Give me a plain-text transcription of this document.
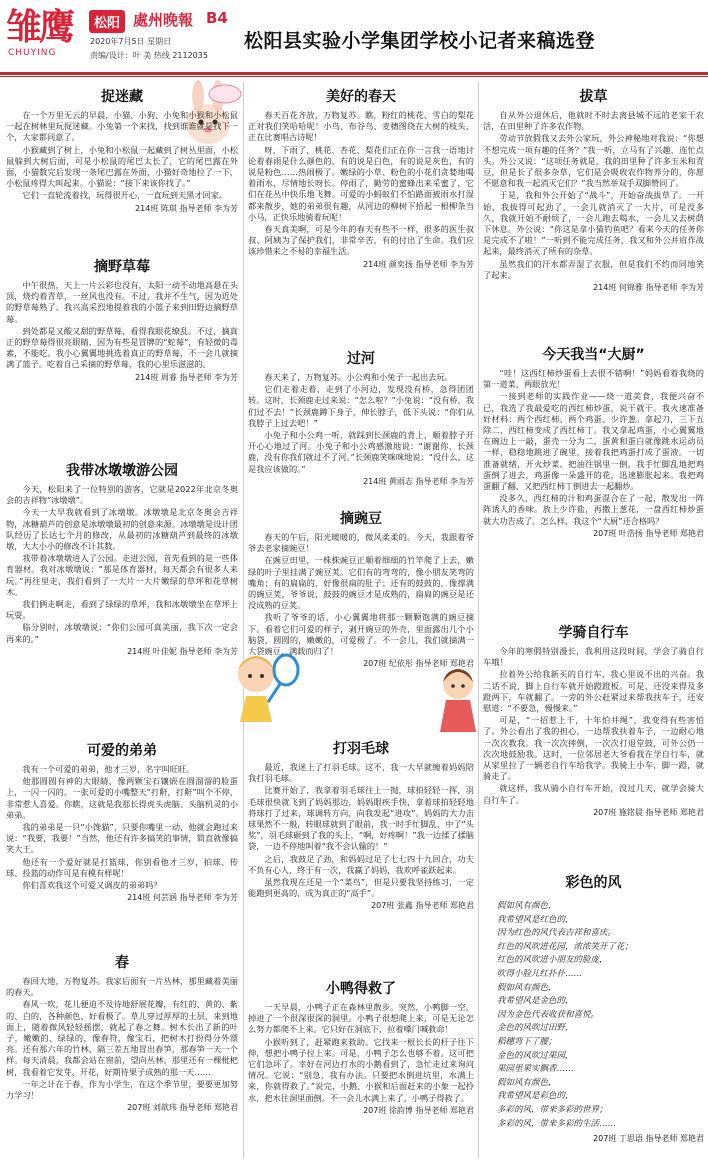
雏鹰
CHUYING
松阳 處州晚報 B4
2020年7月5日 星期日
责编/设计：叶 美 热线 2112035
松阳县实验小学集团学校小记者来稿选登
捉迷藏

在一个万里无云的早晨，小猫、小狗、小兔和小猴和小松鼠一起在树林里玩捉迷藏。小兔第一个来找，找到谁谁就是找下一个，大家都同意了。

小猴藏到了树上，小兔和小松鼠一起藏到了树丛里面，小松鼠躲到大树后面，可是小松鼠的尾巴太长了，它的尾巴露在外面，小猫数完后发现一条尾巴露在外面，小猫好奇地拉了一下，小松鼠疼得大叫起来。小猫说：“接下来该你找了。”

它们一直轮流着找，玩得很开心，一直玩到天黑才回家。

214班 陈琪 指导老师 李为芳
摘野草莓

中午很热，天上一片云彩也没有，太阳一动不动地高悬在头顶，烧灼着青草，一丝风也没有。不过，我并不生气，因为近处的野草莓熟了。我兴高采烈地提着我的小篮子来到田野边摘野草莓。

到处都是又酸又甜的野草莓，看得我眼花缭乱。不过，摘真正的野草莓得很亮眼睛，因为有些是冒牌的“蛇莓”，有轻微的毒素，不能吃。我小心翼翼地挑选着真正的野草莓，不一会儿就摘满了篮子。吃着自己采摘的野草莓，我的心里乐滋滋的。

214班 周睿 指导老师 李为芳
我带冰墩墩游公园

今天，松阳来了一位特别的游客，它就是2022年北京冬奥会的吉祥物“冰墩墩”。

今天一大早我就看到了冰墩墩。冰墩墩是北京冬奥会吉祥物，冰糖葫芦的创意是冰墩墩最初的创意来源。冰墩墩是设计团队经历了长达七个月的修改，从最初的冰糖葫芦到最终的冰墩墩，大大小小的修改不计其数。

我带着冰墩墩进入了公园。走进公园，首先看到的是一些体育器材。我对冰墩墩说：“那是体育器材，每天都会有很多人来玩。”再往里走，我们看到了一大片一大片嫩绿的草坪和花草树木。

我们俩走啊走，看到了绿绿的草坪，我和冰墩墩坐在草坪上玩耍。

临分别时，冰墩墩说：“你们公园可真美丽，我下次一定会再来的。”

214班 叶佳妮 指导老师 李为芳
可爱的弟弟

我有一个可爱的弟弟，他才三岁，名字叫旺旺。

他那圆圆有神的大眼睛，像两颗宝石镶嵌在圆溜溜的脸蛋上，一闪一闪的。一张可爱的小嘴整天“打鼾，打鼾”叫个不停，非常惹人喜爱。你瞧，这就是我那长得虎头虎脑、头脑机灵的小弟弟。

我的弟弟是一只“小馋猫”，只要你嘴里一动，他就会跑过来说：“我要，我要！”当然，他还有许多搞笑的事情，简直就像搞笑大王。

他还有一个爱好就是打篮球，你别看他才三岁，拍球、传球、投篮的动作可是有模有样呢！

你们喜欢我这个可爱又调皮的弟弟吗？

214班 何芸涵 指导老师 李为芳
春

春回大地，万物复苏。我家后面有一片丛林，那里藏着美丽的春天。

春风一吹，花儿便迫不及待地舒展花瓣，有红的、黄的、紫的、白的，各种颜色，好看极了。草儿穿过厚厚的土层，来到地面上，随着微风轻轻摇摆，就起了春之舞。树木长出了新的叶子，嫩嫩的、绿绿的，像春符，像宝石，把树木打扮得分外漂亮。还有那六年的竹林，隔三差五地冒出春笋，那春笋一天一个样。每天清晨，我都会站在窗前，望向丛林。那里还有一棵枇杷树，我看着它发芽、开花，好期待果子成熟的那一天……

一年之计在于春，作为小学生，在这个季节里，要要更加努力学习！

207班 刘歆玮 指导老师 郑艳君
美好的春天

春天百花齐放，万物复苏。瞧，粉红的桃花、雪白的梨花正对我们笑哈哈呢！小鸟、布谷鸟、麦穗图绕在大树的枝头，正在比赛唱古诗呢！

呀，下雨了，桃花、杏花、梨花们正在你一言我一语地讨论着春雨是什么颜色的，有的说是白色，有的说是灰色，有的说是粉色……热闹极了。嫩绿的小草、粉色的小花们贪婪地喝着雨水，尽情地长呀长。停雨了，勤劳的蜜蜂出来采蜜了，它们在花丛中快乐地飞舞。可爱的小蚂蚁们不怕路面被雨水打湿都来散步，她的弟弟很有趣，从河边的柳树下拾起一根柳条当小马，正快乐地骑着玩呢！

春天真美啊，可是今年的春天有些不一样，很多的医生叔叔、阿姨为了保护我们，非常辛苦，有的付出了生命。我们应该珍惜来之不易的幸福生活。

214班 颜奕扬 指导老师 李为芳
过河

春天来了，万物复苏。小公鸡和小兔子一起出去玩。

它们走着走着，走到了小河边，发现没有桥，急得团团转。这时，长颈鹿走过来说：“怎么啦？”小兔说：“没有桥，我们过不去！”长颈鹿蹲下身子，伸长脖子，低下头说：“你们从我脖子上过去吧！”

小兔子和小公鸡一听，就踩到长颈鹿的背上，顺着脖子开开心心地过了河。小兔子和小公鸡感激地说：“谢谢你，长颈鹿，没有你我们就过不了河。”长颈鹿笑咪咪地说：“没什么，这是我应该做的。”

214班 黄雨志 指导老师 李为芳
摘豌豆

春天的午后，阳光暖暖的，微风柔柔的。今天，我跟着爷爷去老家摘豌豆！

在豌豆田里，一株株豌豆正顺着细细的竹竿爬了上去，嫩绿的叶子里挂满了豌豆荚。它们有的弯弯的，像小朋友笑弯的嘴角；有的扁扁的，好像很扁的肚子；还有的鼓鼓的，像撑满的豌豆荚，爷爷说，鼓鼓的豌豆才是成熟的，扁扁的豌豆是还没成熟的豆荚。

我听了爷爷的话，小心翼翼地将那一颗颗饱满的豌豆摘下。看着它们可爱的样子，剥开豌豆的外壳，里面露出几个小脑袋，圆圆的，嫩嫩的，可爱极了。不一会儿，我们就摘满一大袋豌豆，满载而归了！

207班 纪依彤 指导老师 郑艳君
打羽毛球

最近，我迷上了打羽毛球。这不，我一大早就缠着妈妈陪我打羽毛球。

比赛开始了，我拿着羽毛球往上一抛，球拍轻轻一挥，羽毛球很快就飞到了妈妈那边，妈妈眼疾手快，拿着球拍轻轻地将球打了过来，球调转方向，向我发起“进攻”。妈妈的大力击球果然不一般，转眼球就到了眼前，我一时手忙脚乱，中了“头奖”，羽毛球砸到了我的头上，“啊，好疼啊！”我一边揉了揉脑袋，一边不停地叫着“我不会认输的！”

之后，我鼓足了劲，和妈妈过足了七七四十九回合，功夫不负有心人，终于有一次，我赢了妈妈，我欢呼雀跃起来。

虽然我现在还是一个“菜鸟”，但是只要我坚持练习，一定能跑到更高的，成为真正的“高手”。

207班 张鑫 指导老师 郑艳君
小鸭得救了

一天早晨，小鸭子正在森林里散步。突然，小鸭脚一空，掉进了一个很深很深的洞里。小鸭子很想爬上来，可是无论怎么努力都爬不上来。它只好在洞底下，拉着嗓门喊救命！

小猴听到了，赶紧跑来救助。它找来一根长长的杆子往下伸，想把小鸭子拉上来。可是，小鸭子怎么也够不着。这可把它们急坏了。幸好在河边打水的小鹅看到了，急忙走过来询问情况。它说：“别急，我有办法。只要把水倒进坑里，水满上来，你就得救了。”说完，小鹅、小猴和后面赶来的小象一起拎水，把水往洞里面倒。不一会儿水满上来了，小鸭子得救了。

207班 徐韵博 指导老师 郑艳君
拔草

自从外公退休后，他就时不时去离县城不远的老家干农活，在田里种了许多农作物。

劳动节放假我又去外公家玩，外公神秘地对我说：“你想不想完成一项有趣的任务？”我一听，立马有了兴趣，连忙点头。外公又说：“这项任务就是，我的田里种了许多玉米和青豆，但是长了很多杂草，它们是会吸收农作物养分的，你愿不愿意和我一起消灭它们？”我当然举双手双脚赞同了。

于是，我和外公开始了“战斗”，开始奋战拔草了。一开始，我拔得可起劲了，一会儿就消灭了一大片，可是没多久，我就开始不耐烦了，一会儿跑去喝水，一会儿又去树荫下休息。外公说：“你这是拿小猫钓鱼吧？看来今天的任务你是完成不了啦！”一听到不能完成任务，我又和外公并肩作战起来，最终消灭了所有的杂草。

虽然我们的汗水都弄湿了衣服，但是我们不约而同地笑了起来。

214班 何锦雅 指导老师 李为芳
今天我当“大厨”

“哇！这西红柿炒蛋看上去很不错啊！”妈妈看着我烧的第一道菜，两眼放光！

一接到老师的实践作业——烧一道美食，我便兴奋不已，我选了我最爱吃的西红柿炒蛋，说干就干。我火速准备好材料：两个西红柿、两个鸡蛋、少许葱。拿起刀，三下五除二，西红柿变成了西红柿丁。我又拿起鸡蛋，小心翼翼地在碗边上一敲，蛋壳一分为二，蛋黄和蛋白就像跳水运动员一样，稳稳地跳进了碗里，接着我把鸡蛋打成了蛋液。一切准备就绪，开火炒菜。把油往锅里一倒，我手忙脚乱地把鸡蛋倒了进去，鸡蛋像一朵盛开的花，迅速膨胀起来。我把鸡蛋翻了翻，又把西红柿丁倒进去一起翻炒。

没多久，西红柿的汁和鸡蛋混合在了一起，散发出一阵阵诱人的香味。放上少许盐，再撒上葱花，一盘西红柿炒蛋就大功告成了。怎么样，我这个“大厨”还合格吗？

207班 叶浩扬 指导老师 郑艳君
学骑自行车

今年的寒假特别漫长，我利用这段时间，学会了骑自行车哦！

拉着外公给我新买的自行车，我心里说不出的兴奋。我二话不说，脚上自行车就开始蹬蹬板。可是，还没来得及多蹬两下，车就翻了。一旁的外公赶紧过来帮我扶车子，还安慰道：“不要急，慢慢来。”

可是，“一招惹上千，十年怕井绳”，我变得有些害怕了。外公看出了我的担心，一边帮我扶着车子，一边耐心地一次次教我。我一次次摔倒，一次次打退堂鼓，可外公仍一次次地鼓励我。这时，一位邻居老大爷看我在学自行车，就从家里拉了一辆老自行车给我学。我骑上小车，脚一蹬，就骑走了。

就这样，我从骑小自行车开始，没过几天，就学会骑大自行车了。

207班 施铭晨 指导老师 郑艳君
彩色的风
假如风有颜色，
我希望风是红色的，
因为红色的风代表吉祥和喜庆。
红色的风吹进花园，浓浓笑开了花；
红色的风吹进小朋友的脸庞，
吹得小脸儿红扑扑……
假如风有颜色，
我希望风是金色的，
因为金色代表收获和喜悦。
金色的风吹过田野，
稻穗弯下了腰；
金色的风吹过果园，
果园里果实飘香……
假如风有颜色，
我希望风是彩色的，
多彩的风，带来多彩的世界；
多彩的风，带来多彩的生活……
207班 丁思语 指导老师 郑艳君
